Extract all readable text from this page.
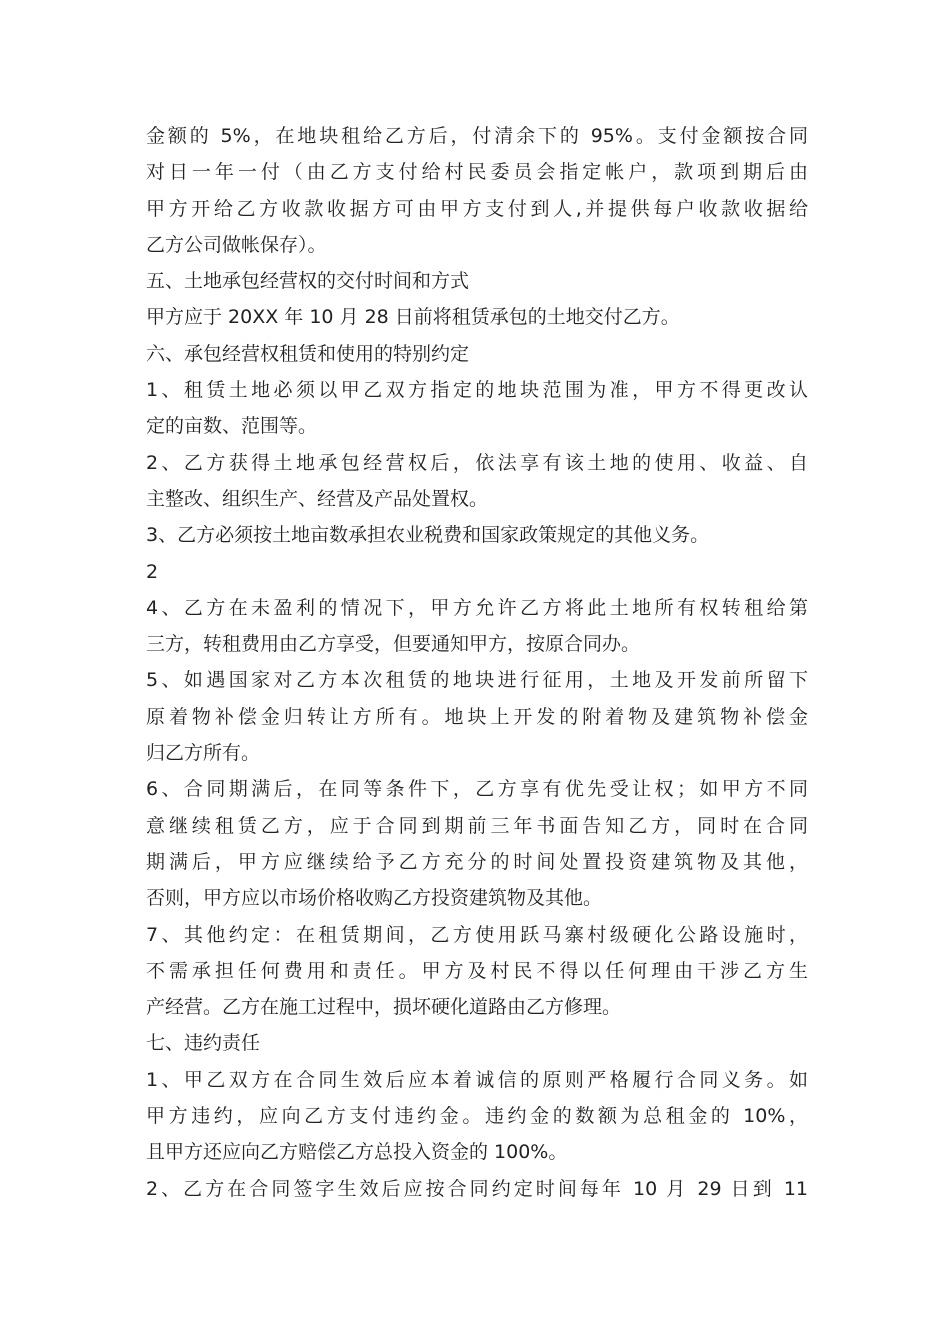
金额的 5%，在地块租给乙方后，付清余下的 95%。支付金额按合同
对日一年一付（由乙方支付给村民委员会指定帐户，款项到期后由
甲方开给乙方收款收据方可由甲方支付到人,并提供每户收款收据给
乙方公司做帐保存）。
五、土地承包经营权的交付时间和方式
甲方应于 20XX 年 10 月 28 日前将租赁承包的土地交付乙方。
六、承包经营权租赁和使用的特别约定
1、租赁土地必须以甲乙双方指定的地块范围为准，甲方不得更改认
定的亩数、范围等。
2、乙方获得土地承包经营权后，依法享有该土地的使用、收益、自
主整改、组织生产、经营及产品处置权。
3、乙方必须按土地亩数承担农业税费和国家政策规定的其他义务。
2
4、乙方在未盈利的情况下，甲方允许乙方将此土地所有权转租给第
三方，转租费用由乙方享受，但要通知甲方，按原合同办。
5、如遇国家对乙方本次租赁的地块进行征用，土地及开发前所留下
原着物补偿金归转让方所有。地块上开发的附着物及建筑物补偿金
归乙方所有。
6、合同期满后，在同等条件下，乙方享有优先受让权；如甲方不同
意继续租赁乙方，应于合同到期前三年书面告知乙方，同时在合同
期满后，甲方应继续给予乙方充分的时间处置投资建筑物及其他，
否则，甲方应以市场价格收购乙方投资建筑物及其他。
7、其他约定：在租赁期间，乙方使用跃马寨村级硬化公路设施时，
不需承担任何费用和责任。甲方及村民不得以任何理由干涉乙方生
产经营。乙方在施工过程中，损坏硬化道路由乙方修理。
七、违约责任
1、甲乙双方在合同生效后应本着诚信的原则严格履行合同义务。如
甲方违约，应向乙方支付违约金。违约金的数额为总租金的 10%，
且甲方还应向乙方赔偿乙方总投入资金的 100%。
2、乙方在合同签字生效后应按合同约定时间每年 10 月 29 日到 11
